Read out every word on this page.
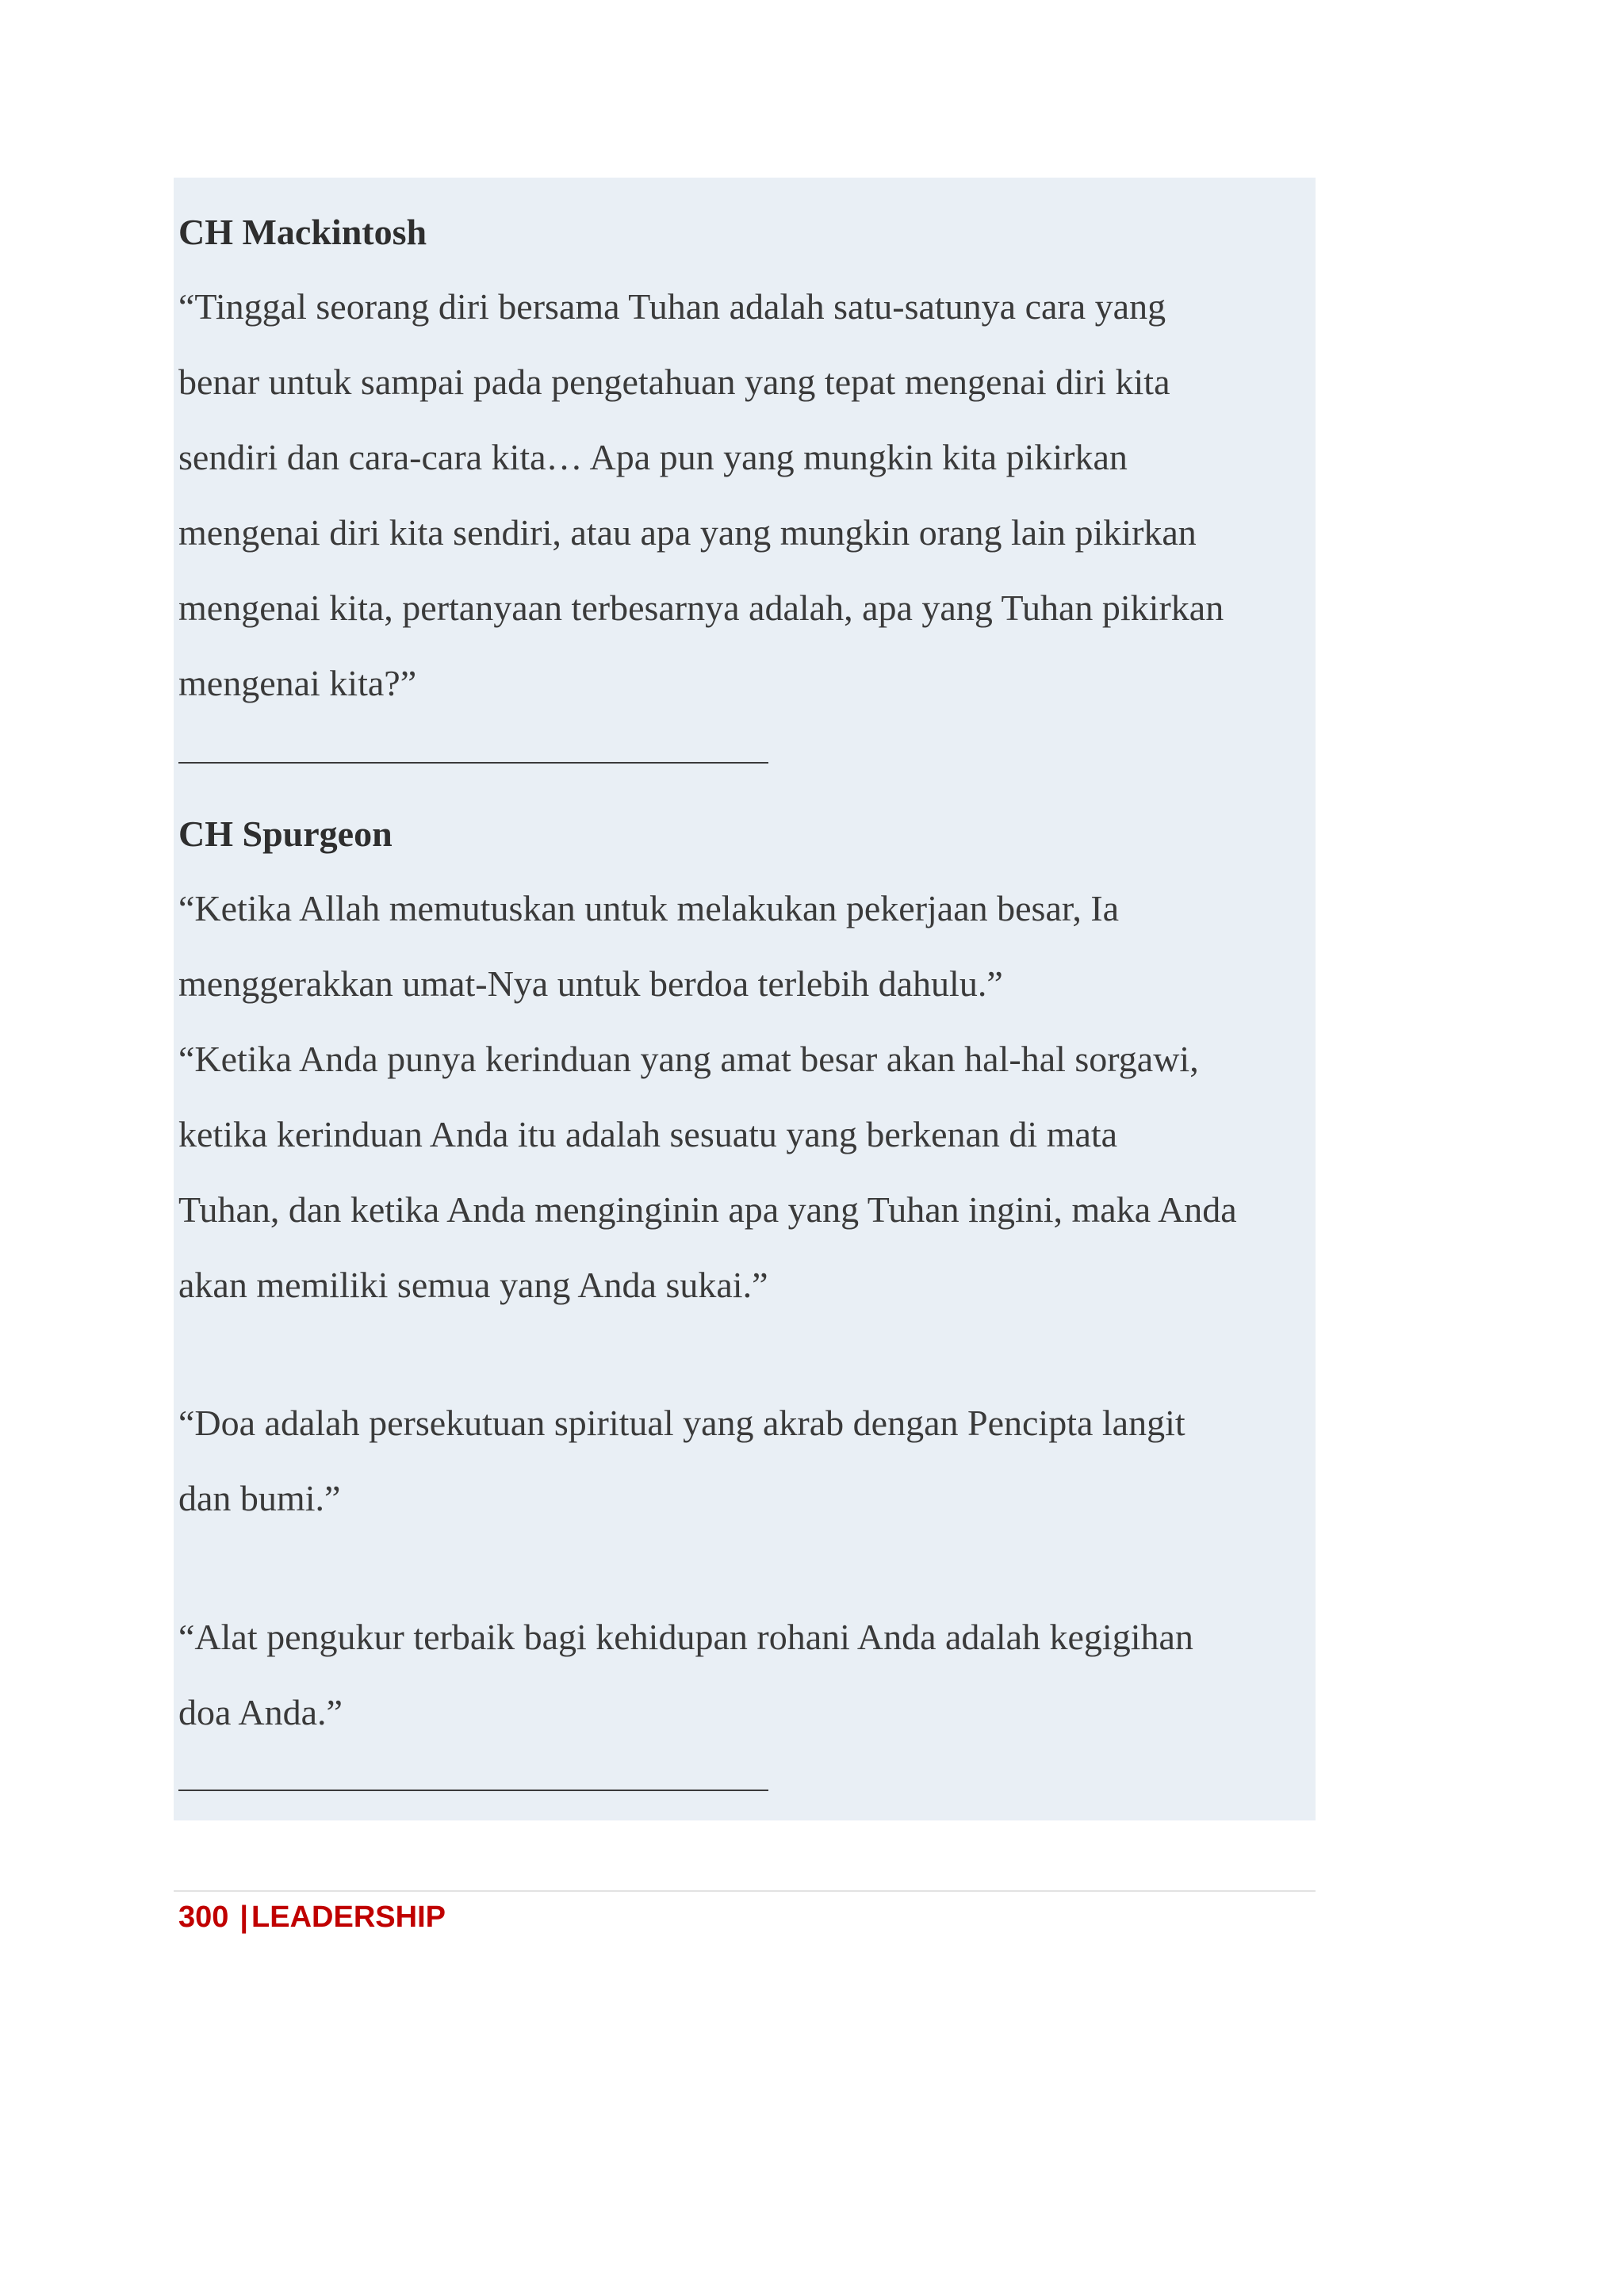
CH Mackintosh

“Tinggal seorang diri bersama Tuhan adalah satu-satunya cara yang

benar untuk sampai pada pengetahuan yang tepat mengenai diri kita

sendiri dan cara-cara kita… Apa pun yang mungkin kita pikirkan

mengenai diri kita sendiri, atau apa yang mungkin orang lain pikirkan

mengenai kita, pertanyaan terbesarnya adalah, apa yang Tuhan pikirkan

mengenai kita?”

CH Spurgeon

“Ketika Allah memutuskan untuk melakukan pekerjaan besar, Ia

menggerakkan umat-Nya untuk berdoa terlebih dahulu.”

“Ketika Anda punya kerinduan yang amat besar akan hal-hal sorgawi,

ketika kerinduan Anda itu adalah sesuatu yang berkenan di mata

Tuhan, dan ketika Anda menginginin apa yang Tuhan ingini, maka Anda

akan memiliki semua yang Anda sukai.”

“Doa adalah persekutuan spiritual yang akrab dengan Pencipta langit

dan bumi.”

“Alat pengukur terbaik bagi kehidupan rohani Anda adalah kegigihan

doa Anda.”

300 | LEADERSHIP
